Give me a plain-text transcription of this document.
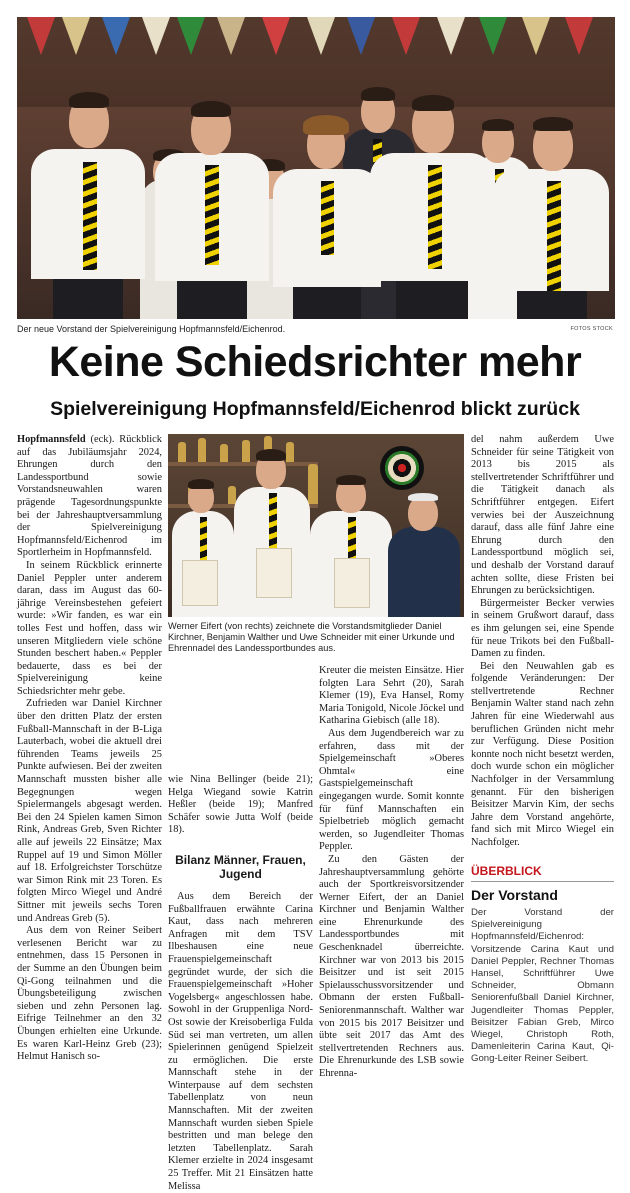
Der neue Vorstand der Spielvereinigung Hopfmannsfeld/Eichenrod.	FOTOS STOCK
Keine Schiedsrichter mehr
Spielvereinigung Hopfmannsfeld/Eichenrod blickt zurück

Hopfmannsfeld (eck). Rückblick auf das Jubiläumsjahr 2024, Ehrungen durch den Landessportbund sowie Vorstandsneuwahlen waren prägende Tagesordnungspunkte bei der Jahreshauptversammlung der Spielvereinigung Hopfmannsfeld/Eichenrod im Sportlerheim in Hopfmannsfeld.

In seinem Rückblick erinnerte Daniel Peppler unter anderem daran, dass im August das 60-jährige Vereinsbestehen gefeiert wurde: »Wir fanden, es war ein tolles Fest und hoffen, dass wir unseren Mitgliedern viele schöne Stunden beschert haben.« Peppler bedauerte, dass es bei der Spielvereinigung keine Schiedsrichter mehr gebe.

Zufrieden war Daniel Kirchner über den dritten Platz der ersten Fußball-Mannschaft in der B-Liga Lauterbach, wobei die aktuell drei führenden Teams jeweils 25 Punkte aufwiesen. Bei der zweiten Mannschaft mussten bisher alle Begegnungen wegen Spielermangels abgesagt werden. Bei den 24 Spielen kamen Simon Rink, Andreas Greb, Sven Richter alle auf jeweils 22 Einsätze; Max Ruppel auf 19 und Simon Möller auf 18. Erfolgreichster Torschütze war Simon Rink mit 23 Toren. Es folgten Mirco Wiegel und André Sittner mit jeweils sechs Toren und Andreas Greb (5).

Aus dem von Reiner Seibert verlesenen Bericht war zu entnehmen, dass 15 Personen in der Summe an den Übungen beim Qi-Gong teilnahmen und die Übungsbeteiligung zwischen sieben und zehn Personen lag. Eifrige Teilnehmer an den 32 Übungen erhielten eine Urkunde. Es waren Karl-Heinz Greb (23); Helmut Hanisch so-

Werner Eifert (von rechts) zeichnete die Vorstandsmitglieder Daniel Kirchner, Benjamin Walther und Uwe Schneider mit einer Urkunde und Ehrennadel des Landessportbundes aus.

wie Nina Bellinger (beide 21); Helga Wiegand sowie Katrin Heßler (beide 19); Manfred Schäfer sowie Jutta Wolf (beide 18).

Bilanz Männer, Frauen, Jugend

Aus dem Bereich der Fußballfrauen erwähnte Carina Kaut, dass nach mehreren Anfragen mit dem TSV Ilbeshausen eine neue Frauenspielgemeinschaft gegründet wurde, der sich die Frauenspielgemeinschaft »Hoher Vogelsberg« angeschlossen habe. Sowohl in der Gruppenliga Nord-Ost sowie der Kreisoberliga Fulda Süd sei man vertreten, um allen Spielerinnen genügend Spielzeit zu ermöglichen. Die erste Mannschaft stehe in der Winterpause auf dem sechsten Tabellenplatz von neun Mannschaften. Mit der zweiten Mannschaft wurden sieben Spiele bestritten und man belege den letzten Tabellenplatz. Sarah Klemer erzielte in 2024 insgesamt 25 Treffer. Mit 21 Einsätzen hatte Melissa

Kreuter die meisten Einsätze. Hier folgten Lara Sehrt (20), Sarah Klemer (19), Eva Hansel, Romy Maria Tonigold, Nicole Jöckel und Katharina Giebisch (alle 18).

Aus dem Jugendbereich war zu erfahren, dass mit der Spielgemeinschaft »Oberes Ohmtal« eine Gastspielgemeinschaft eingegangen wurde. Somit konnte für fünf Mannschaften ein Spielbetrieb möglich gemacht werden, so Jugendleiter Thomas Peppler.

Zu den Gästen der Jahreshauptversammlung gehörte auch der Sportkreisvorsitzender Werner Eifert, der an Daniel Kirchner und Benjamin Walther eine Ehrenurkunde des Landessportbundes mit Geschenknadel überreichte. Kirchner war von 2013 bis 2015 Beisitzer und ist seit 2015 Spielausschussvorsitzender und Obmann der ersten Fußball-Seniorenmannschaft. Walther war von 2015 bis 2017 Beisitzer und übte seit 2017 das Amt des stellvertretenden Rechners aus. Die Ehrenurkunde des LSB sowie Ehrenna-

del nahm außerdem Uwe Schneider für seine Tätigkeit von 2013 bis 2015 als stellvertretender Schriftführer und die Tätigkeit danach als Schriftführer entgegen. Eifert verwies bei der Auszeichnung darauf, dass alle fünf Jahre eine Ehrung durch den Landessportbund möglich sei, und deshalb der Vorstand darauf achten sollte, diese Fristen bei Ehrungen zu berücksichtigen.

Bürgermeister Becker verwies in seinem Grußwort darauf, dass es ihm gelungen sei, eine Spende für neue Trikots bei den Fußball-Damen zu finden.

Bei den Neuwahlen gab es folgende Veränderungen: Der stellvertretende Rechner Benjamin Walter stand nach zehn Jahren für eine Wiederwahl aus beruflichen Gründen nicht mehr zur Verfügung. Diese Position konnte noch nicht besetzt werden, doch wurde schon ein möglicher Nachfolger in der Versammlung genannt. Für den bisherigen Beisitzer Marvin Kim, der sechs Jahre dem Vorstand angehörte, fand sich mit Mirco Wiegel ein Nachfolger.

ÜBERBLICK
Der Vorstand
Der Vorstand der Spielvereinigung Hopfmannsfeld/Eichenrod: Vorsitzende Carina Kaut und Daniel Peppler, Rechner Thomas Hansel, Schriftführer Uwe Schneider, Obmann Seniorenfußball Daniel Kirchner, Jugendleiter Thomas Peppler, Beisitzer Fabian Greb, Mirco Wiegel, Christoph Roth, Damenleiterin Carina Kaut, Qi-Gong-Leiter Reiner Seibert.
